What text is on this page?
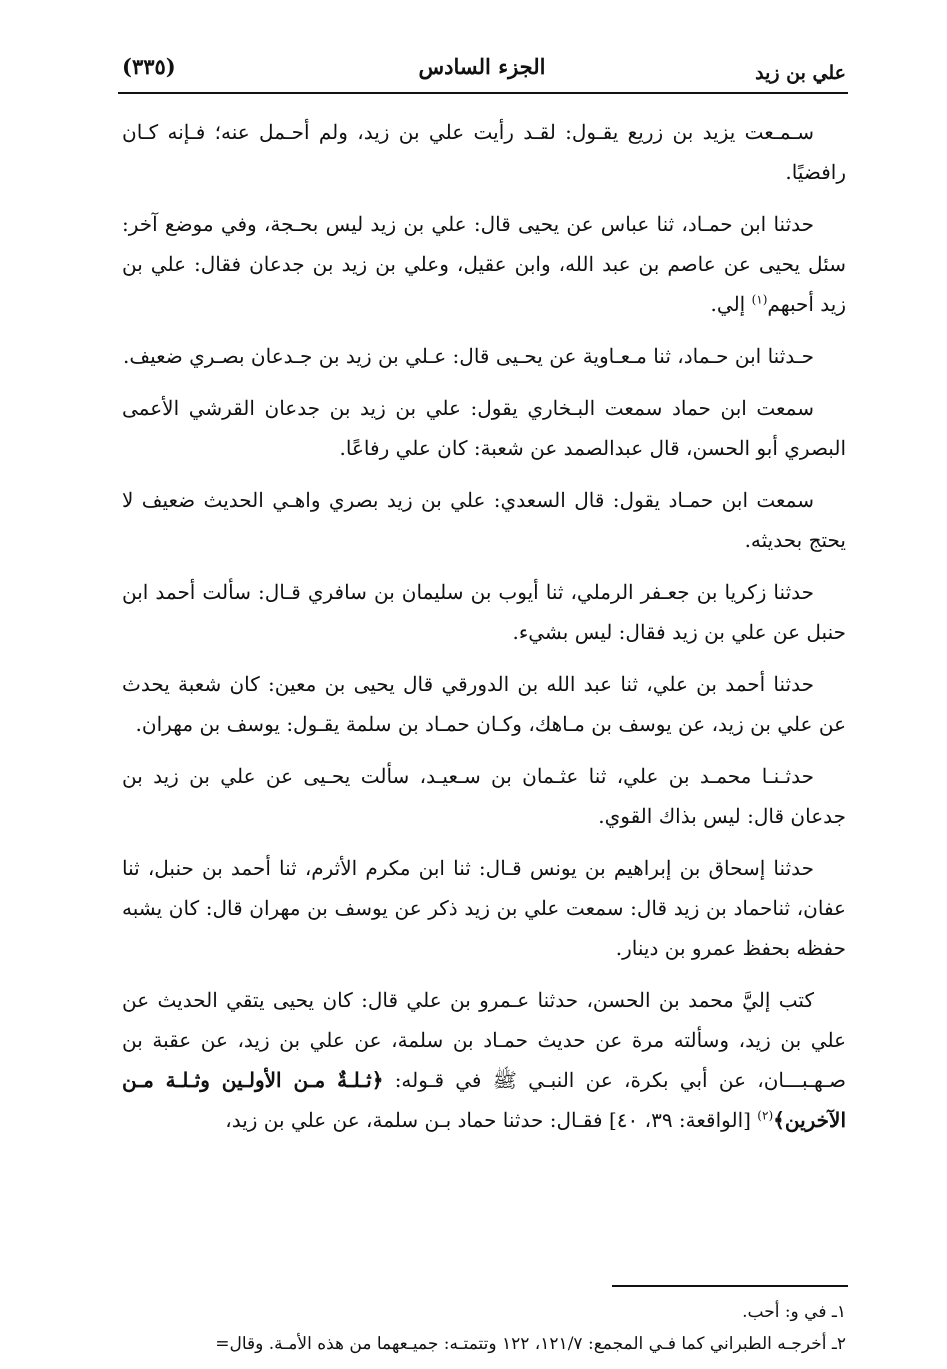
علي بن زيد
الجزء السادس
(٣٣٥)

سـمـعت يزيد بن زريع يقـول: لقـد رأيت علي بن زيد، ولم أحـمل عنه؛ فـإنه كـان رافضيًا.

حدثنا ابن حمـاد، ثنا عباس عن يحيى قال: علي بن زيد ليس بحـجة، وفي موضع آخر: سئل يحيى عن عاصم بن عبد الله، وابن عقيل، وعلي بن زيد بن جدعان فقال: علي بن زيد أحبهم$^{(١)}$ إلي.

حـدثنا ابن حـماد، ثنا مـعـاوية عن يحـيى قال: عـلي بن زيد بن جـدعان بصـري ضعيف.

سمعت ابن حماد سمعت البـخاري يقول: علي بن زيد بن جدعان القرشي الأعمى البصري أبو الحسن، قال عبدالصمد عن شعبة: كان علي رفاعًا.

سمعت ابن حمـاد يقول: قال السعدي: علي بن زيد بصري واهـي الحديث ضعيف لا يحتج بحديثه.

حدثنا زكريا بن جعـفر الرملي، ثنا أيوب بن سليمان بن سافري قـال: سألت أحمد ابن حنبل عن علي بن زيد فقال: ليس بشيء.

حدثنا أحمد بن علي، ثنا عبد الله بن الدورقي قال يحيى بن معين: كان شعبة يحدث عن علي بن زيد، عن يوسف بن مـاهك، وكـان حمـاد بن سلمة يقـول: يوسف بن مهران.

حدثـنـا محمـد بن علي، ثنا عثـمان بن سـعيـد، سألت يحـيى عن علي بن زيد بن جدعان قال: ليس بذاك القوي.

حدثنا إسحاق بن إبراهيم بن يونس قـال: ثنا ابن مكرم الأثرم، ثنا أحمد بن حنبل، ثنا عفان، ثناحماد بن زيد قال: سمعت علي بن زيد ذكر عن يوسف بن مهران قال: كان يشبه حفظه بحفظ عمرو بن دينار.

كتب إليَّ محمد بن الحسن، حدثنا عـمرو بن علي قال: كان يحيى يتقي الحديث عن علي بن زيد، وسألته مرة عن حديث حمـاد بن سلمة، عن علي بن زيد، عن عقبة بن صـهـبـــان، عن أبي بكرة، عن النبـي ﷺ في قـوله: ﴿ثـلـةٌ مـن الأولـين وثـلـة مـن الآخرين﴾$^{(٢)}$ [الواقعة: ٣٩، ٤٠] فقـال: حدثنا حماد بـن سلمة، عن علي بن زيد،

١ـ في و: أحب.

٢ـ أخرجـه الطبراني كما فـي المجمع: ١٢١/٧، ١٢٢ وتتمتـه: جميـعهما من هذه الأمـة. وقال=
